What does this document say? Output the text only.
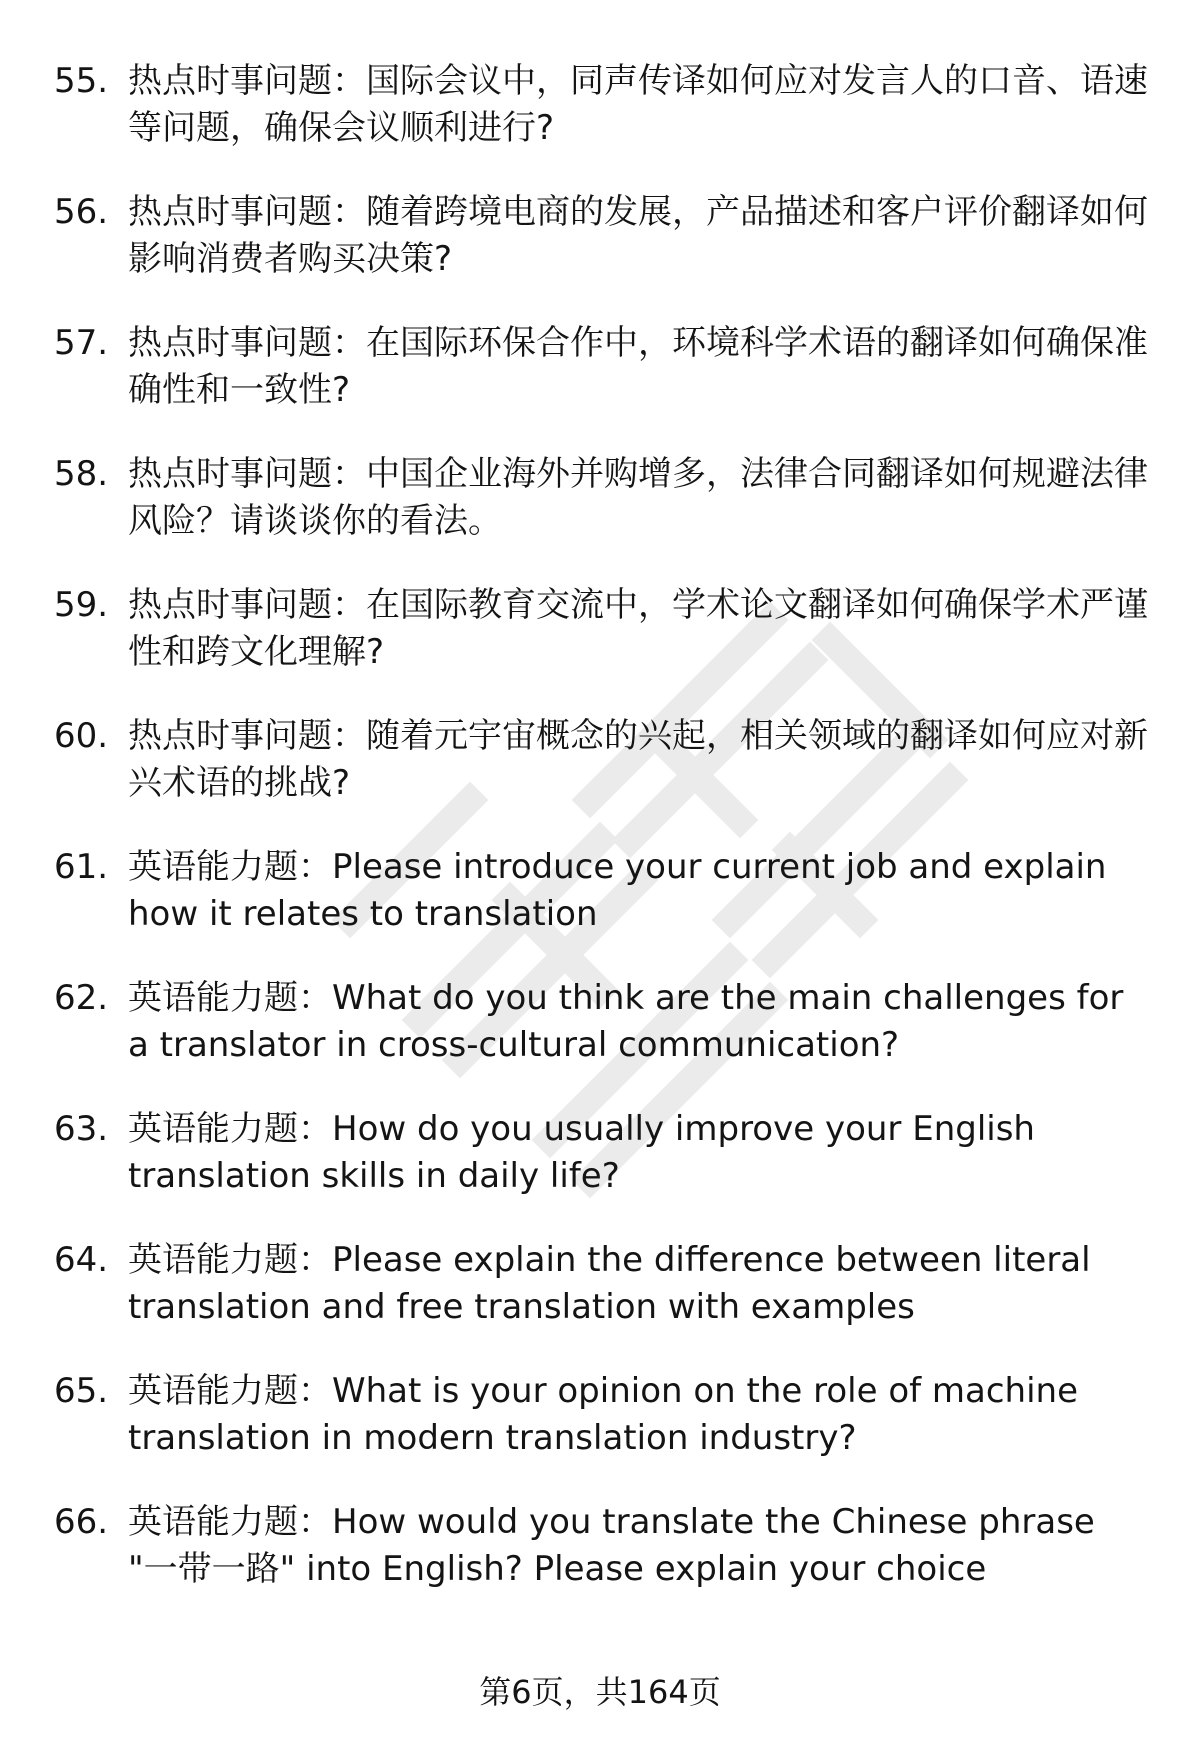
55. 热点时事问题：国际会议中，同声传译如何应对发言人的口音、语速等问题，确保会议顺利进行?
56. 热点时事问题：随着跨境电商的发展，产品描述和客户评价翻译如何影响消费者购买决策?
57. 热点时事问题：在国际环保合作中，环境科学术语的翻译如何确保准确性和一致性?
58. 热点时事问题：中国企业海外并购增多，法律合同翻译如何规避法律风险？请谈谈你的看法。
59. 热点时事问题：在国际教育交流中，学术论文翻译如何确保学术严谨性和跨文化理解?
60. 热点时事问题：随着元宇宙概念的兴起，相关领域的翻译如何应对新兴术语的挑战?
61. 英语能力题：Please introduce your current job and explain how it relates to translation
62. 英语能力题：What do you think are the main challenges for a translator in cross-cultural communication?
63. 英语能力题：How do you usually improve your English translation skills in daily life?
64. 英语能力题：Please explain the difference between literal translation and free translation with examples
65. 英语能力题：What is your opinion on the role of machine translation in modern translation industry?
66. 英语能力题：How would you translate the Chinese phrase "一带一路" into English? Please explain your choice
第6页，共164页
